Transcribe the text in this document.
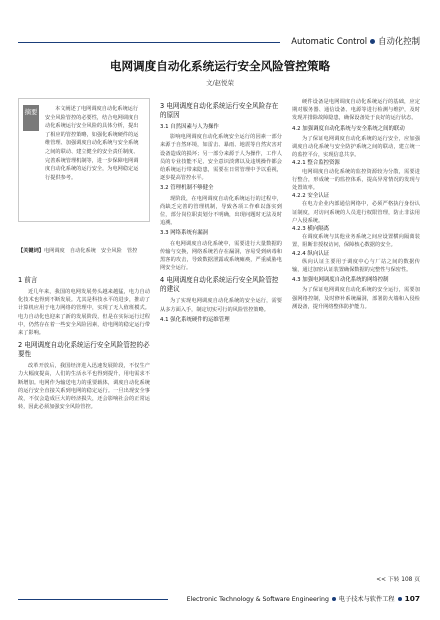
Automatic Control 自动化控制
电网调度自动化系统运行安全风险管控策略
文/赵悦荣
摘要	本文阐述了电网调度自动化系统运行安全风险管控的必要性，结合电网调度自动化系统运行安全风险的具体分析，提出了相应的管控策略，如强化系统硬件的运维管理、加强调度自动化系统与安全系统之间的联动、建立健全的安全责任制度、完善系统管理机制等，进一步保障电网调度自动化系统的运行安全，为电网稳定运行提供参考。
【关键词】电网调度　自动化系统　安全风险　管控
1 前言

近几年来，我国的电网发展势头越来越猛，电力自动化技术也得到不断发展。尤其是科技水平的进步，推动了计算机应用于电力网络的管理中，实现了无人值班模式。电力自动化也迎来了新的发展阶段，但是在实际运行过程中，仍然存在着一些安全风险因素，给电网的稳定运行带来了影响。

2 电网调度自动化系统运行安全风险管控的必要性

改革开放后，我国经济进入迅速发展阶段，不仅生产力大幅度提高，人们的生活水平也得到提升，用电需求不断增加。电网作为输送电力的重要载体，调度自动化系统的运行安全直接关系到电网的稳定运行。一旦出现安全事故，不仅会造成巨大的经济损失，还会影响社会的正常运转，因此必须加强安全风险管控。

3 电网调度自动化系统运行安全风险存在的原因
3.1 自然因素与人为操作

影响电网调度自动化系统安全运行的因素一部分来源于自然环境，如雷击、暴雨、地震等自然灾害对设备造成的损坏；另一部分来源于人为操作，工作人员的专业技能不足、安全意识淡薄以及违规操作都会给系统运行带来隐患，需要在日常管理中予以重视，逐步提高管控水平。

3.2 管理机制不够健全

现阶段，在电网调度自动化系统运行的过程中，尚缺乏完善的管理机制，导致各项工作难以落实到位，部分岗位职责划分不明确，出现问题时无法及时追溯。

3.3 网络系统有漏洞

在电网调度自动化系统中，需要进行大量数据的传输与交换，网络系统若存在漏洞，容易受到病毒和黑客的攻击，导致数据泄露或系统瘫痪，严重威胁电网安全运行。

4 电网调度自动化系统运行安全风险管控的建议

为了实现电网调度自动化系统的安全运行，需要从多方面入手，制定切实可行的风险管控策略。

4.1 强化系统硬件的运维管理

硬件设备是电网调度自动化系统运行的基础，应定期对服务器、通信设备、电源等进行检测与维护，及时发现并排除故障隐患，确保设备处于良好的运行状态。

4.2 加强调度自动化系统与安全系统之间的联动

为了保证电网调度自动化系统的运行安全，应加强调度自动化系统与安全防护系统之间的联动，建立统一的监控平台，实现信息共享。

4.2.1 整合监控资源

电网调度自动化系统的监控资源较为分散，需要进行整合，形成统一的监控体系，提高异常情况的发现与处置效率。

4.2.2 安全认证

在电力企业内部通信网络中，必须严格执行身份认证制度，对访问系统的人员进行权限管理，防止非法用户入侵系统。

4.2.3 横向隔离

在调度系统与其他业务系统之间应设置横向隔离装置，阻断非授权访问，保障核心数据的安全。

4.2.4 纵向认证

纵向认证主要用于调度中心与厂站之间的数据传输，通过加密认证装置确保数据的完整性与保密性。

4.3 加强电网调度自动化系统的网络控制

为了保证电网调度自动化系统的安全运行，需要加强网络控制，及时修补系统漏洞，部署防火墙和入侵检测设备，提升网络整体防护能力。

<< 下转 108 页
Electronic Technology & Software Engineering 电子技术与软件工程 107
